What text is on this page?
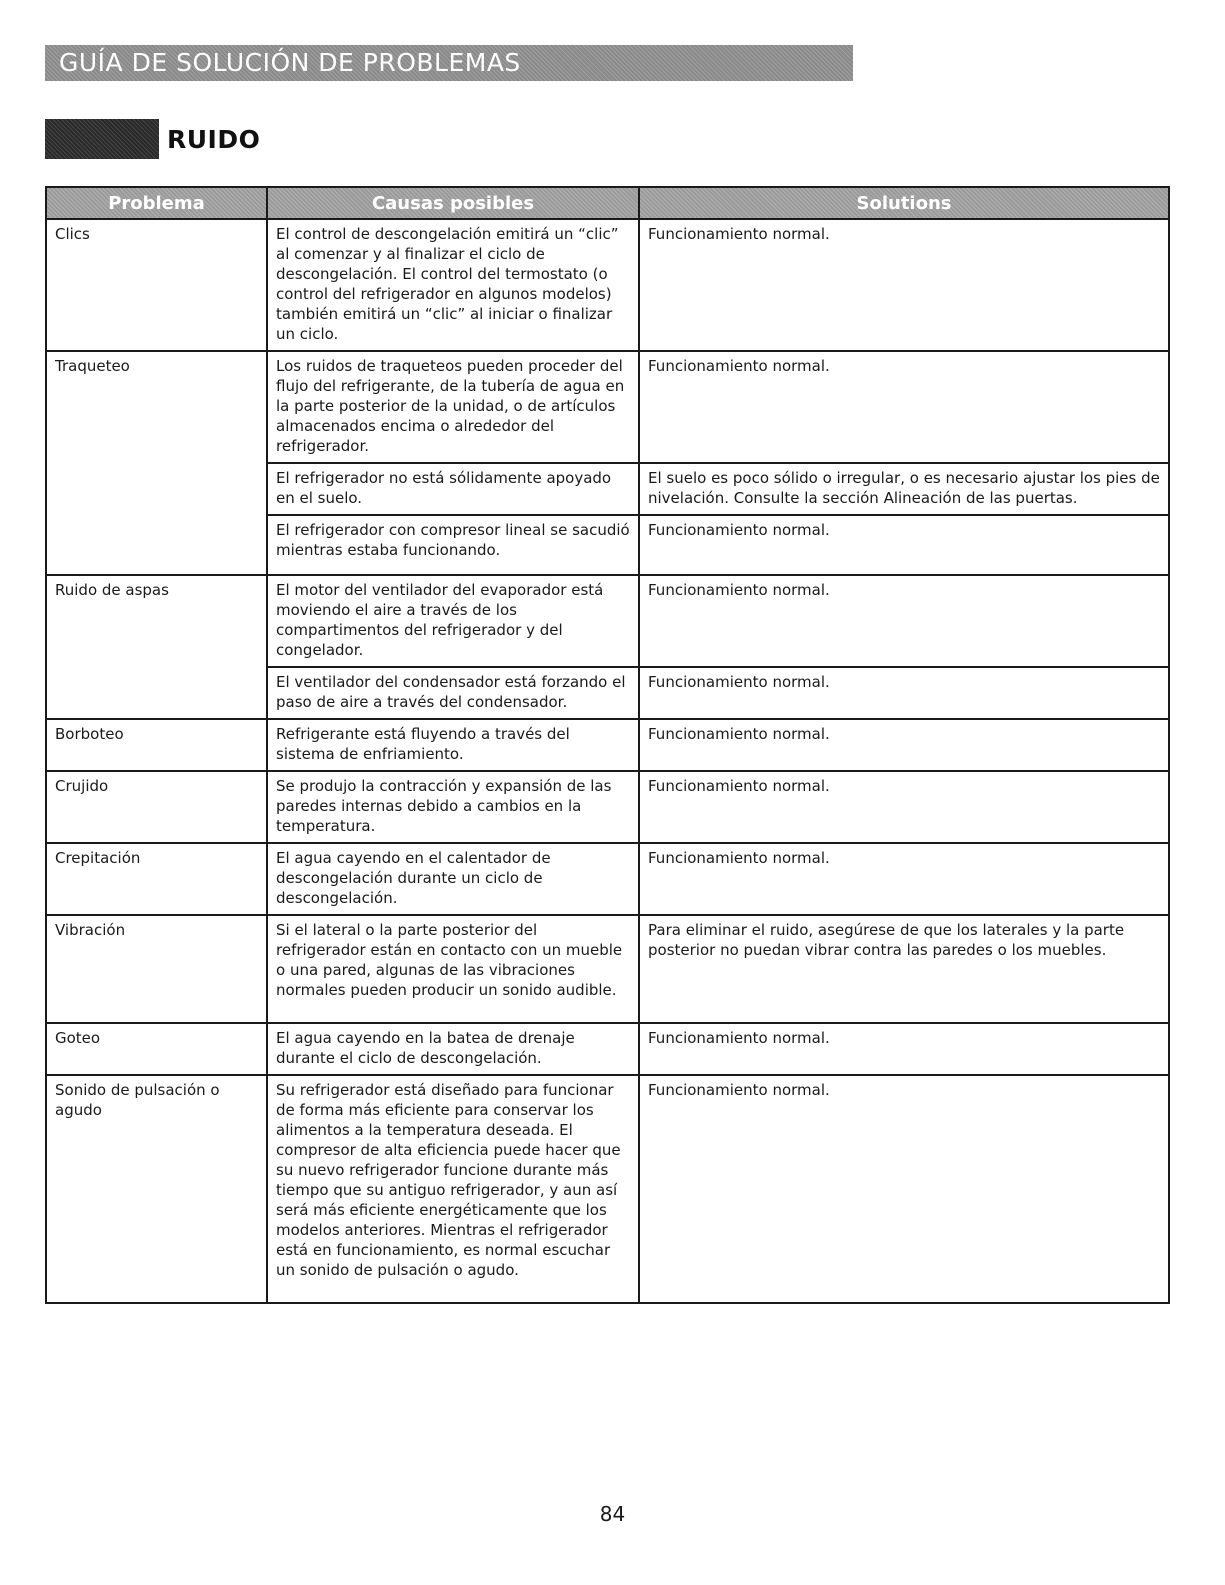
GUÍA DE SOLUCIÓN DE PROBLEMAS
RUIDO
Problema	Causas posibles	Solutions
Clics	El control de descongelación emitirá un “clic” al comenzar y al finalizar el ciclo de descongelación. El control del termostato (o control del refrigerador en algunos modelos) también emitirá un “clic” al iniciar o finalizar un ciclo.	Funcionamiento normal.
Traqueteo	Los ruidos de traqueteos pueden proceder del flujo del refrigerante, de la tubería de agua en la parte posterior de la unidad, o de artículos almacenados encima o alrededor del refrigerador.	Funcionamiento normal.
	El refrigerador no está sólidamente apoyado en el suelo.	El suelo es poco sólido o irregular, o es necesario ajustar los pies de nivelación. Consulte la sección Alineación de las puertas.
	El refrigerador con compresor lineal se sacudió mientras estaba funcionando.	Funcionamiento normal.
Ruido de aspas	El motor del ventilador del evaporador está moviendo el aire a través de los compartimentos del refrigerador y del congelador.	Funcionamiento normal.
	El ventilador del condensador está forzando el paso de aire a través del condensador.	Funcionamiento normal.
Borboteo	Refrigerante está fluyendo a través del sistema de enfriamiento.	Funcionamiento normal.
Crujido	Se produjo la contracción y expansión de las paredes internas debido a cambios en la temperatura.	Funcionamiento normal.
Crepitación	El agua cayendo en el calentador de descongelación durante un ciclo de descongelación.	Funcionamiento normal.
Vibración	Si el lateral o la parte posterior del refrigerador están en contacto con un mueble o una pared, algunas de las vibraciones normales pueden producir un sonido audible.	Para eliminar el ruido, asegúrese de que los laterales y la parte posterior no puedan vibrar contra las paredes o los muebles.
Goteo	El agua cayendo en la batea de drenaje durante el ciclo de descongelación.	Funcionamiento normal.
Sonido de pulsación o agudo	Su refrigerador está diseñado para funcionar de forma más eficiente para conservar los alimentos a la temperatura deseada. El compresor de alta eficiencia puede hacer que su nuevo refrigerador funcione durante más tiempo que su antiguo refrigerador, y aun así será más eficiente energéticamente que los modelos anteriores. Mientras el refrigerador está en funcionamiento, es normal escuchar un sonido de pulsación o agudo.	Funcionamiento normal.
84
